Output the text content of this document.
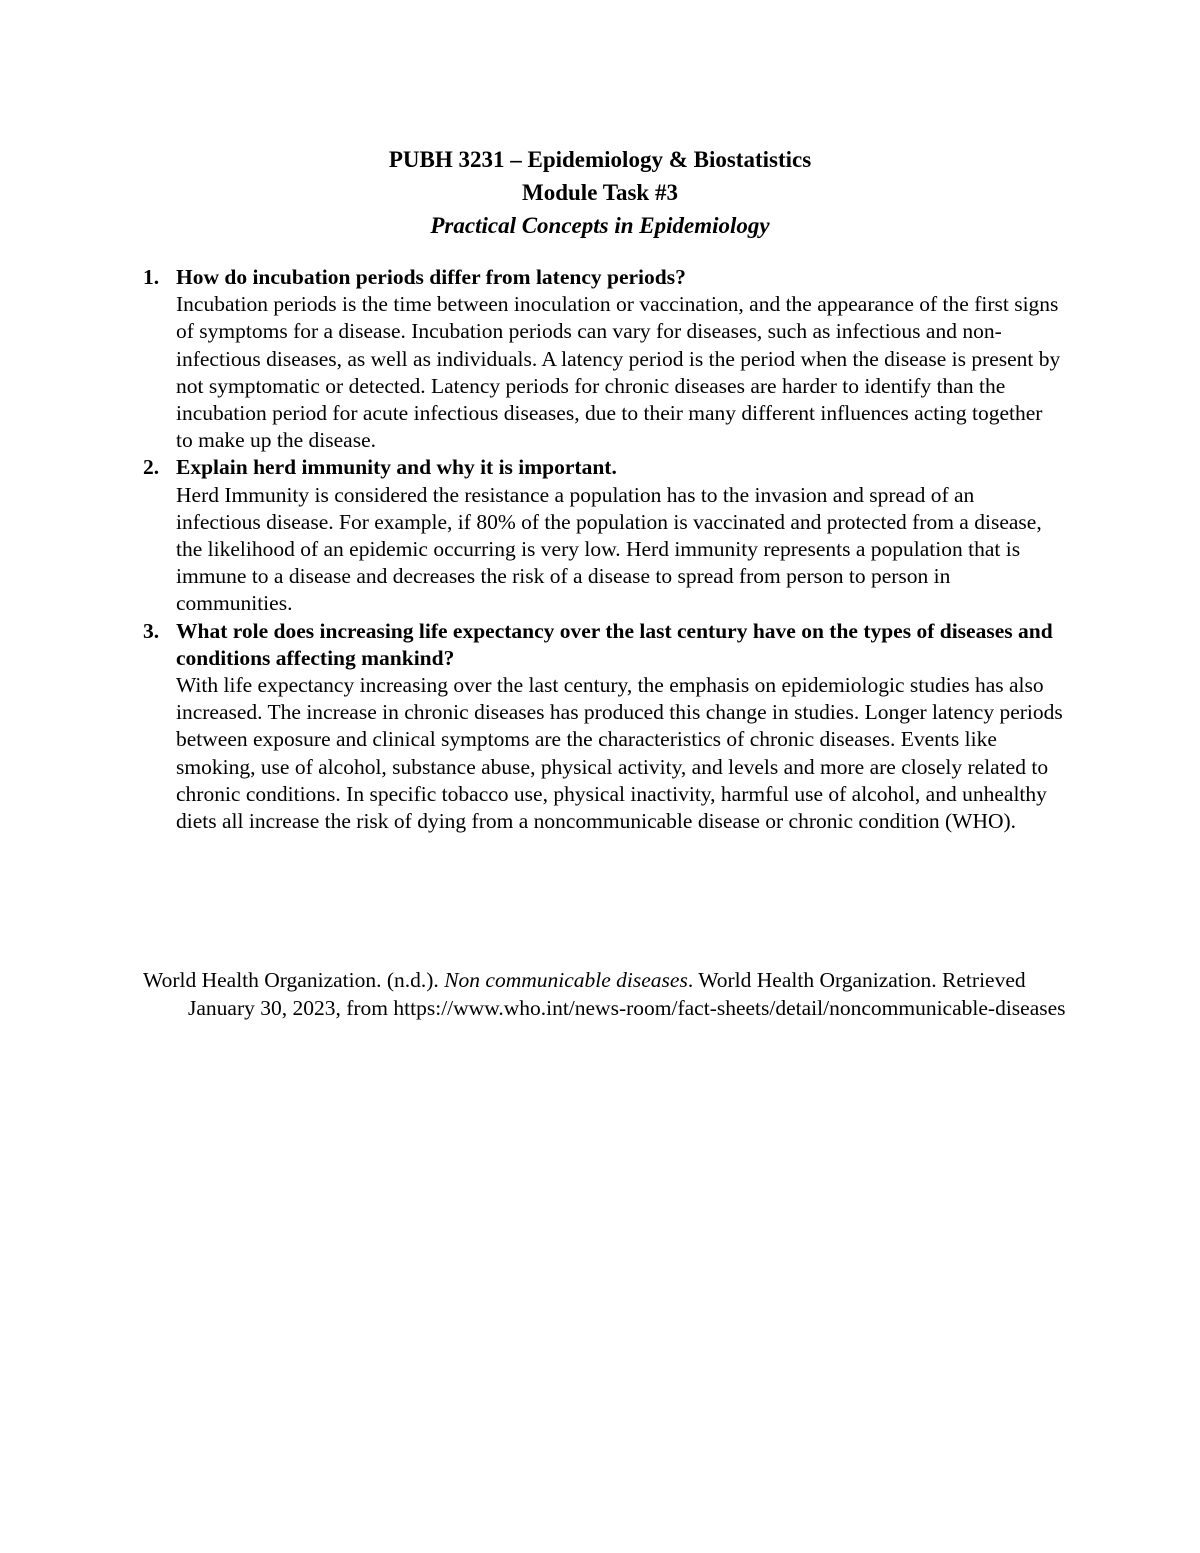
PUBH 3231 – Epidemiology & Biostatistics
Module Task #3
Practical Concepts in Epidemiology
1. How do incubation periods differ from latency periods?
Incubation periods is the time between inoculation or vaccination, and the appearance of the first signs of symptoms for a disease. Incubation periods can vary for diseases, such as infectious and non-infectious diseases, as well as individuals. A latency period is the period when the disease is present by not symptomatic or detected. Latency periods for chronic diseases are harder to identify than the incubation period for acute infectious diseases, due to their many different influences acting together to make up the disease.
2. Explain herd immunity and why it is important.
Herd Immunity is considered the resistance a population has to the invasion and spread of an infectious disease. For example, if 80% of the population is vaccinated and protected from a disease, the likelihood of an epidemic occurring is very low. Herd immunity represents a population that is immune to a disease and decreases the risk of a disease to spread from person to person in communities.
3. What role does increasing life expectancy over the last century have on the types of diseases and conditions affecting mankind?
With life expectancy increasing over the last century, the emphasis on epidemiologic studies has also increased. The increase in chronic diseases has produced this change in studies. Longer latency periods between exposure and clinical symptoms are the characteristics of chronic diseases. Events like smoking, use of alcohol, substance abuse, physical activity, and levels and more are closely related to chronic conditions. In specific tobacco use, physical inactivity, harmful use of alcohol, and unhealthy diets all increase the risk of dying from a noncommunicable disease or chronic condition (WHO).
World Health Organization. (n.d.). Non communicable diseases. World Health Organization. Retrieved January 30, 2023, from https://www.who.int/news-room/fact-sheets/detail/noncommunicable-diseases
